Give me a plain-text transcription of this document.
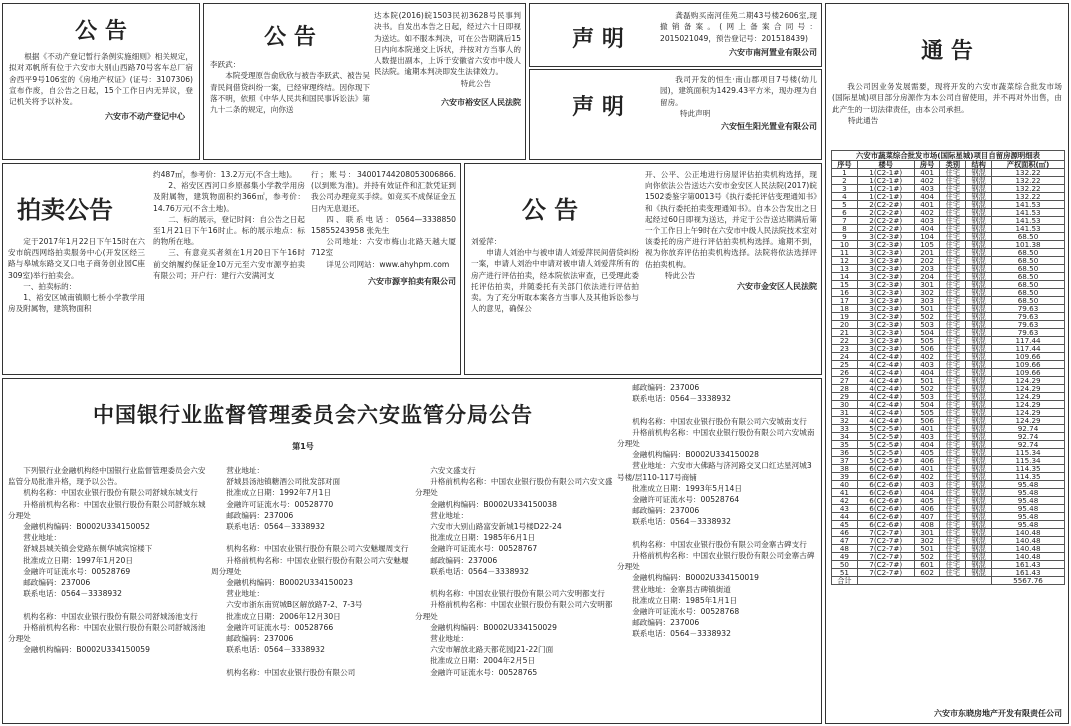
公 告
根据《不动产登记暂行条例实施细则》相关规定，拟对邓帆所有位于六安市大别山西路70号客车总厂宿舍西平9号106室的《房地产权证》(证号：3107306)宣布作废，自公告之日起，15个工作日内无异议，登记机关将予以补发。
六安市不动产登记中心
公 告
李跃武：
本院受理原告俞欣欣与被告李跃武、被告吴青民间借贷纠纷一案，已经审理终结。因你现下落不明，依照《中华人民共和国民事诉讼法》第九十二条的规定，向你送
达本院(2016)皖1503民初3628号民事判决书。自发出本告之日起，经过六十日即视为送达。如不服本判决，可在公告期满后15日内向本院递交上诉状，并按对方当事人的人数提出副本，上诉于安徽省六安市中级人民法院。逾期本判决即发生法律效力。
特此公告
六安市裕安区人民法院
声 明
龚磊购买南河佳苑二期43号楼2606室,现撤销备案。(网上备案合同号：2015021049，预告登记号：201518439)
六安市南河置业有限公司
声 明
我司开发的恒生·南山郡项目7号楼(幼儿园)，建筑面积为1429.43平方米，现办理为自留房。
特此声明
六安恒生阳光置业有限公司
通 告
我公司因业务发展需要，现将开发的六安市蔬菜综合批发市场(国际星城)项目部分房源作为本公司自留使用，并不再对外出售，由此产生的一切法律责任，由本公司承担。
特此通告
六安市蔬菜综合批发市场(国际星城)项目自留房源明细表
序号	楼号	房号	类别	结构	产权面积(㎡)
1	1(C2-1#)	401	住宅	钢混	132.22
2	1(C2-1#)	402	住宅	钢混	132.22
3	1(C2-1#)	403	住宅	钢混	132.22
4	1(C2-1#)	404	住宅	钢混	132.22
5	2(C2-2#)	401	住宅	钢混	141.53
6	2(C2-2#)	402	住宅	钢混	141.53
7	2(C2-2#)	403	住宅	钢混	141.53
8	2(C2-2#)	404	住宅	钢混	141.53
9	3(C2-3#)	104	住宅	钢混	68.50
10	3(C2-3#)	105	住宅	钢混	101.38
11	3(C2-3#)	201	住宅	钢混	68.50
12	3(C2-3#)	202	住宅	钢混	68.50
13	3(C2-3#)	203	住宅	钢混	68.50
14	3(C2-3#)	204	住宅	钢混	68.50
15	3(C2-3#)	301	住宅	钢混	68.50
16	3(C2-3#)	302	住宅	钢混	68.50
17	3(C2-3#)	303	住宅	钢混	68.50
18	3(C2-3#)	501	住宅	钢混	79.63
19	3(C2-3#)	502	住宅	钢混	79.63
20	3(C2-3#)	503	住宅	钢混	79.63
21	3(C2-3#)	504	住宅	钢混	79.63
22	3(C2-3#)	505	住宅	钢混	117.44
23	3(C2-3#)	506	住宅	钢混	117.44
24	4(C2-4#)	402	住宅	钢混	109.66
25	4(C2-4#)	403	住宅	钢混	109.66
26	4(C2-4#)	404	住宅	钢混	109.66
27	4(C2-4#)	501	住宅	钢混	124.29
28	4(C2-4#)	502	住宅	钢混	124.29
29	4(C2-4#)	503	住宅	钢混	124.29
30	4(C2-4#)	504	住宅	钢混	124.29
31	4(C2-4#)	505	住宅	钢混	124.29
32	4(C2-4#)	506	住宅	钢混	124.29
33	5(C2-5#)	401	住宅	钢混	92.74
34	5(C2-5#)	403	住宅	钢混	92.74
35	5(C2-5#)	404	住宅	钢混	92.74
36	5(C2-5#)	405	住宅	钢混	115.34
37	5(C2-5#)	406	住宅	钢混	115.34
38	6(C2-6#)	401	住宅	钢混	114.35
39	6(C2-6#)	402	住宅	钢混	114.35
40	6(C2-6#)	403	住宅	钢混	95.48
41	6(C2-6#)	404	住宅	钢混	95.48
42	6(C2-6#)	405	住宅	钢混	95.48
43	6(C2-6#)	406	住宅	钢混	95.48
44	6(C2-6#)	407	住宅	钢混	95.48
45	6(C2-6#)	408	住宅	钢混	95.48
46	7(C2-7#)	301	住宅	钢混	140.48
47	7(C2-7#)	302	住宅	钢混	140.48
48	7(C2-7#)	501	住宅	钢混	140.48
49	7(C2-7#)	502	住宅	钢混	140.48
50	7(C2-7#)	601	住宅	钢混	161.43
51	7(C2-7#)	602	住宅	钢混	161.43
合计					5567.76
六安市东晓房地产开发有限责任公司
拍卖公告
定于2017年1月22日下午15时在六安市皖西网络拍卖服务中心(开发区经三路与皋城东路交叉口电子商务创业园C座309室)举行拍卖会。
一、拍卖标的：
1、裕安区城南镇顺七桥小学教学用房及附属物，建筑物面积
约487㎡，参考价：13.2万元(不含土地)。
2、裕安区西河口乡原郝集小学教学用房及附属物，建筑物面积约366㎡，参考价：14.76万元(不含土地)。
二、标的展示，登记时间：自公告之日起至1月21日下午16时止。标的展示地点：标的物所在地。
三、有意竞买者须在1月20日下午16时前交纳履约保证金10万元至六安市源亨拍卖有限公司；开户行：建行六安满河支
行；账号：34001744208053006866.(以到账为准)。并持有效证件和汇款凭证到我公司办理竞买手续。如竞买不成保证金五日内无息退还。
四、联系电话：0564—3338850 15855243958 张先生
公司地址：六安市梅山北路天越大厦712室
详见公司网站：www.ahyhpm.com
六安市源亨拍卖有限公司
公 告
刘爱萍：
申请人刘治中与被申请人刘爱萍民间借贷纠纷一案，申请人刘治中申请对被申请人刘爱萍所有的房产进行评估拍卖，经本院依法审查，已受理此委托评估拍卖，并随委托有关部门依法进行评估拍卖。为了充分听取本案各方当事人及其他诉讼参与人的意见，确保公
开、公平、公正地进行房屋评估拍卖机构选择，现向你依法公告送达六安市金安区人民法院(2017)皖1502委鉴字第0013号《执行委托评估变理通知书》和《执行委托拍卖变理通知书》。自本公告发出之日起经过60日即视为送达，并定于公告送达期满后第一个工作日上午9时在六安市中级人民法院技术室对该委托的房产进行评估拍卖机构选择。逾期不到，视为你放弃评估拍卖机构选择。法院将依法选择评估拍卖机构。
特此公告
六安市金安区人民法院
中国银行业监督管理委员会六安监管分局公告
第1号
下列银行业金融机构经中国银行业监督管理委员会六安监管分局批准升格，现予以公告。
机构名称：中国农业银行股份有限公司舒城东城支行
升格前机构名称：中国农业银行股份有限公司舒城东城分理处
金融机构编码：B0002U334150052
营业地址：
舒城县城关镇会党路东侧华城宾馆楼下
批准成立日期：1997年1月20日
金融许可证流水号：00528769
邮政编码：237006
联系电话：0564－3338932
机构名称：中国农业银行股份有限公司舒城汤池支行
升格前机构名称：中国农业银行股份有限公司舒城汤池分理处
金融机构编码：B0002U334150059
营业地址：
舒城县汤池镇糖酒公司批发部对面
批准成立日期：1992年7月1日
金融许可证流水号：00528770
邮政编码：237006
联系电话：0564－3338932
机构名称：中国农业银行股份有限公司六安魅堰周支行
升格前机构名称：中国农业银行股份有限公司六安魅堰周分理处
金融机构编码：B0002U334150023
营业地址：
六安市浙东南贸城B区解放路7-2、7-3号
批准成立日期：2006年12月30日
金融许可证流水号：00528766
邮政编码：237006
联系电话：0564－3338932
机构名称：中国农业银行股份有限公司
六安文盛支行
升格前机构名称：中国农业银行股份有限公司六安文盛分理处
金融机构编码：B0002U334150038
营业地址：
六安市大别山路富安新城1号楼D22-24
批准成立日期：1985年6月1日
金融许可证流水号：00528767
邮政编码：237006
联系电话：0564－3338932
机构名称：中国农业银行股份有限公司六安明都支行
升格前机构名称：中国农业银行股份有限公司六安明都分理处
金融机构编码：B0002U334150029
营业地址：
六安市解放北路天都花园J21-22门面
批准成立日期：2004年2月5日
金融许可证流水号：00528765
邮政编码：237006
联系电话：0564－3338932
机构名称：中国农业银行股份有限公司六安城南支行
升格前机构名称：中国农业银行股份有限公司六安城南分理处
金融机构编码：B0002U334150028
营业地址：六安市大佛路与济河路交叉口红达星河城3号楼/层110-117号商铺
批准成立日期：1993年5月14日
金融许可证流水号：00528764
邮政编码：237006
联系电话：0564－3338932
机构名称：中国农业银行股份有限公司金寨古碑支行
升格前机构名称：中国农业银行股份有限公司金寨古碑分理处
金融机构编码：B0002U334150019
营业地址：金寨县古碑镇街道
批准成立日期：1985年1月1日
金融许可证流水号：00528768
邮政编码：237006
联系电话：0564－3338932
